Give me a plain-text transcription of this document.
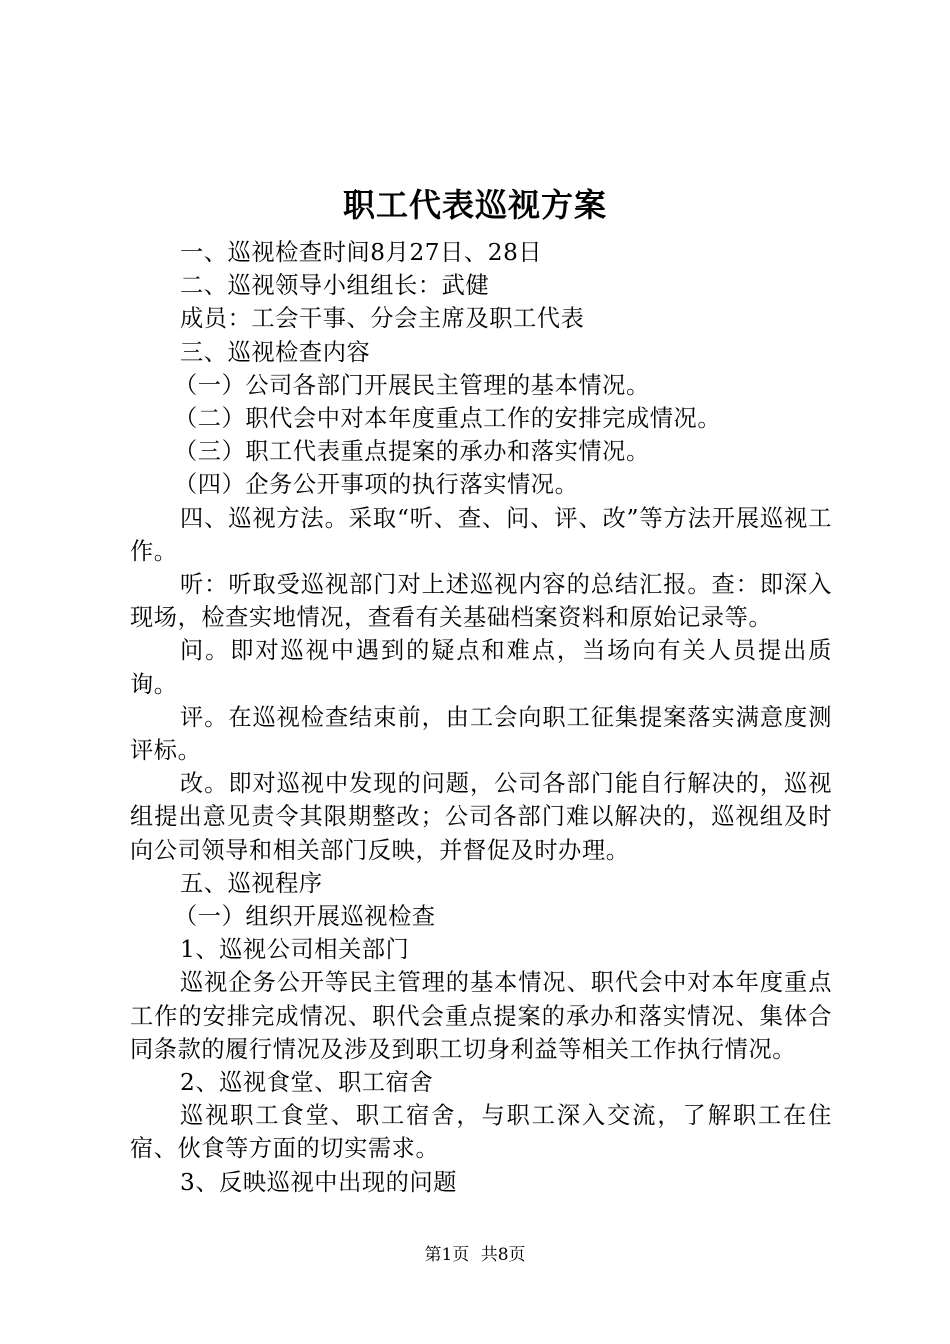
职工代表巡视方案

一、巡视检查时间8月27日、28日

二、巡视领导小组组长：武健

成员：工会干事、分会主席及职工代表

三、巡视检查内容

（一）公司各部门开展民主管理的基本情况。

（二）职代会中对本年度重点工作的安排完成情况。

（三）职工代表重点提案的承办和落实情况。

（四）企务公开事项的执行落实情况。

四、巡视方法。采取“听、查、问、评、改”等方法开展巡视工作。

听：听取受巡视部门对上述巡视内容的总结汇报。查：即深入现场，检查实地情况，查看有关基础档案资料和原始记录等。

问。即对巡视中遇到的疑点和难点，当场向有关人员提出质询。

评。在巡视检查结束前，由工会向职工征集提案落实满意度测评标。

改。即对巡视中发现的问题，公司各部门能自行解决的，巡视组提出意见责令其限期整改；公司各部门难以解决的，巡视组及时向公司领导和相关部门反映，并督促及时办理。

五、巡视程序

（一）组织开展巡视检查

1、巡视公司相关部门

巡视企务公开等民主管理的基本情况、职代会中对本年度重点工作的安排完成情况、职代会重点提案的承办和落实情况、集体合同条款的履行情况及涉及到职工切身利益等相关工作执行情况。

2、巡视食堂、职工宿舍

巡视职工食堂、职工宿舍，与职工深入交流，了解职工在住宿、伙食等方面的切实需求。

3、反映巡视中出现的问题

第1页 共8页
